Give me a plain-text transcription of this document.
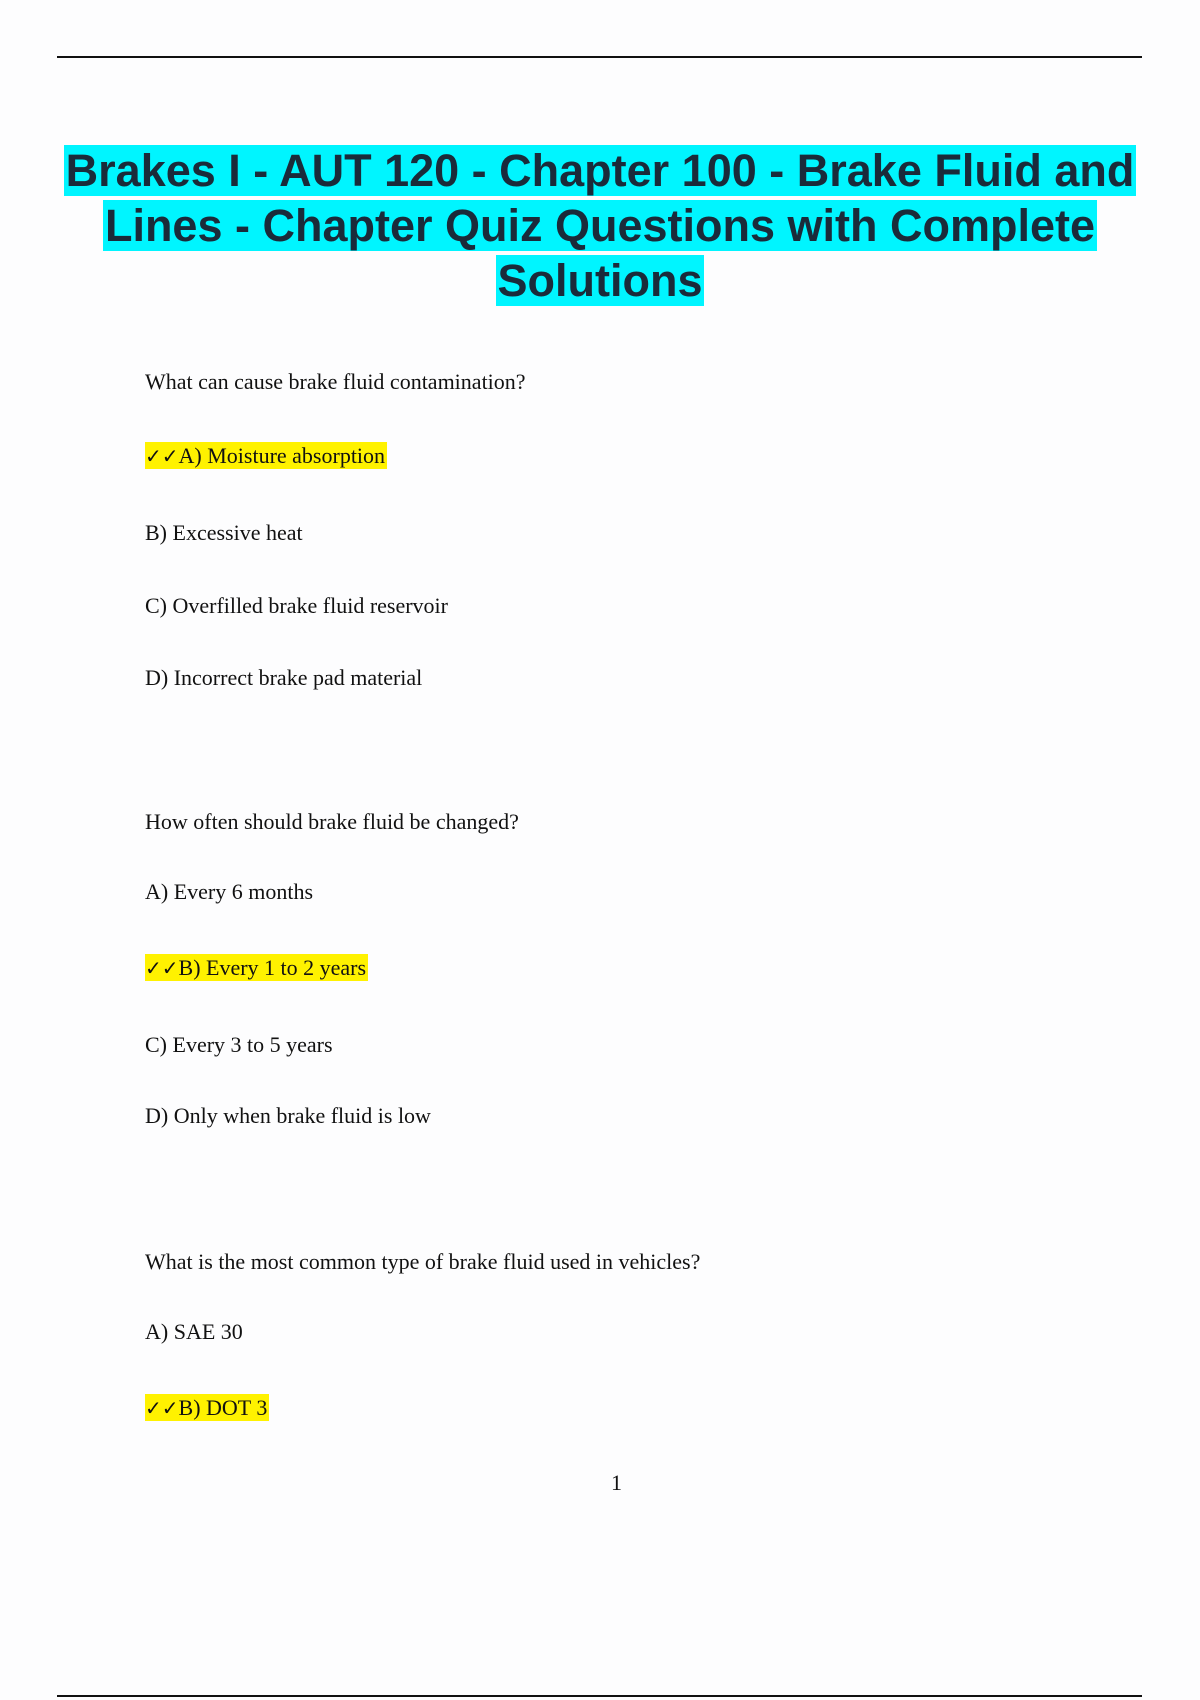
Brakes I - AUT 120 - Chapter 100 - Brake Fluid and Lines - Chapter Quiz Questions with Complete Solutions
What can cause brake fluid contamination?
✓✓A) Moisture absorption
B) Excessive heat
C) Overfilled brake fluid reservoir
D) Incorrect brake pad material
How often should brake fluid be changed?
A) Every 6 months
✓✓B) Every 1 to 2 years
C) Every 3 to 5 years
D) Only when brake fluid is low
What is the most common type of brake fluid used in vehicles?
A) SAE 30
✓✓B) DOT 3
1
